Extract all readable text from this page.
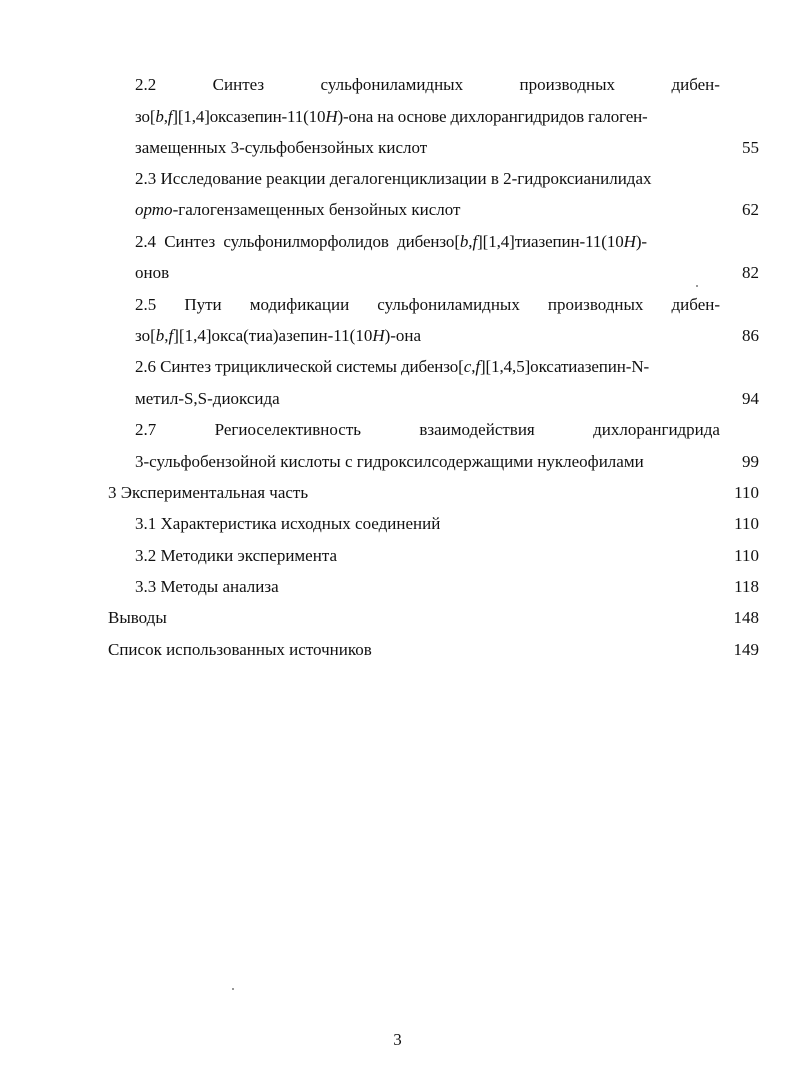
2.2	Синтез	сульфониламидных	производных	дибен-
зо[b,f][1,4]оксазепин-11(10H)-она на основе дихлорангидридов галоген-
замещенных 3-сульфобензойных кислот	55
2.3 Исследование реакции дегалогенциклизации в 2-гидроксианилидах
орто-галогензамещенных бензойных кислот	62
2.4  Синтез  сульфонилморфолидов  дибензо[b,f][1,4]тиазепин-11(10H)-
онов	82
2.5 Пути модификации сульфониламидных производных дибен-
зо[b,f][1,4]окса(тиа)азепин-11(10H)-она	86
2.6 Синтез трициклической системы дибензо[c,f][1,4,5]оксатиазепин-N-
метил-S,S-диоксида	94
2.7	Региоселективность	взаимодействия	дихлорангидрида
3-сульфобензойной кислоты с гидроксилсодержащими нуклеофилами	99
3 Экспериментальная часть	110
3.1 Характеристика исходных соединений	110
3.2 Методики эксперимента	110
3.3 Методы анализа	118
Выводы	148
Список использованных источников	149
3
